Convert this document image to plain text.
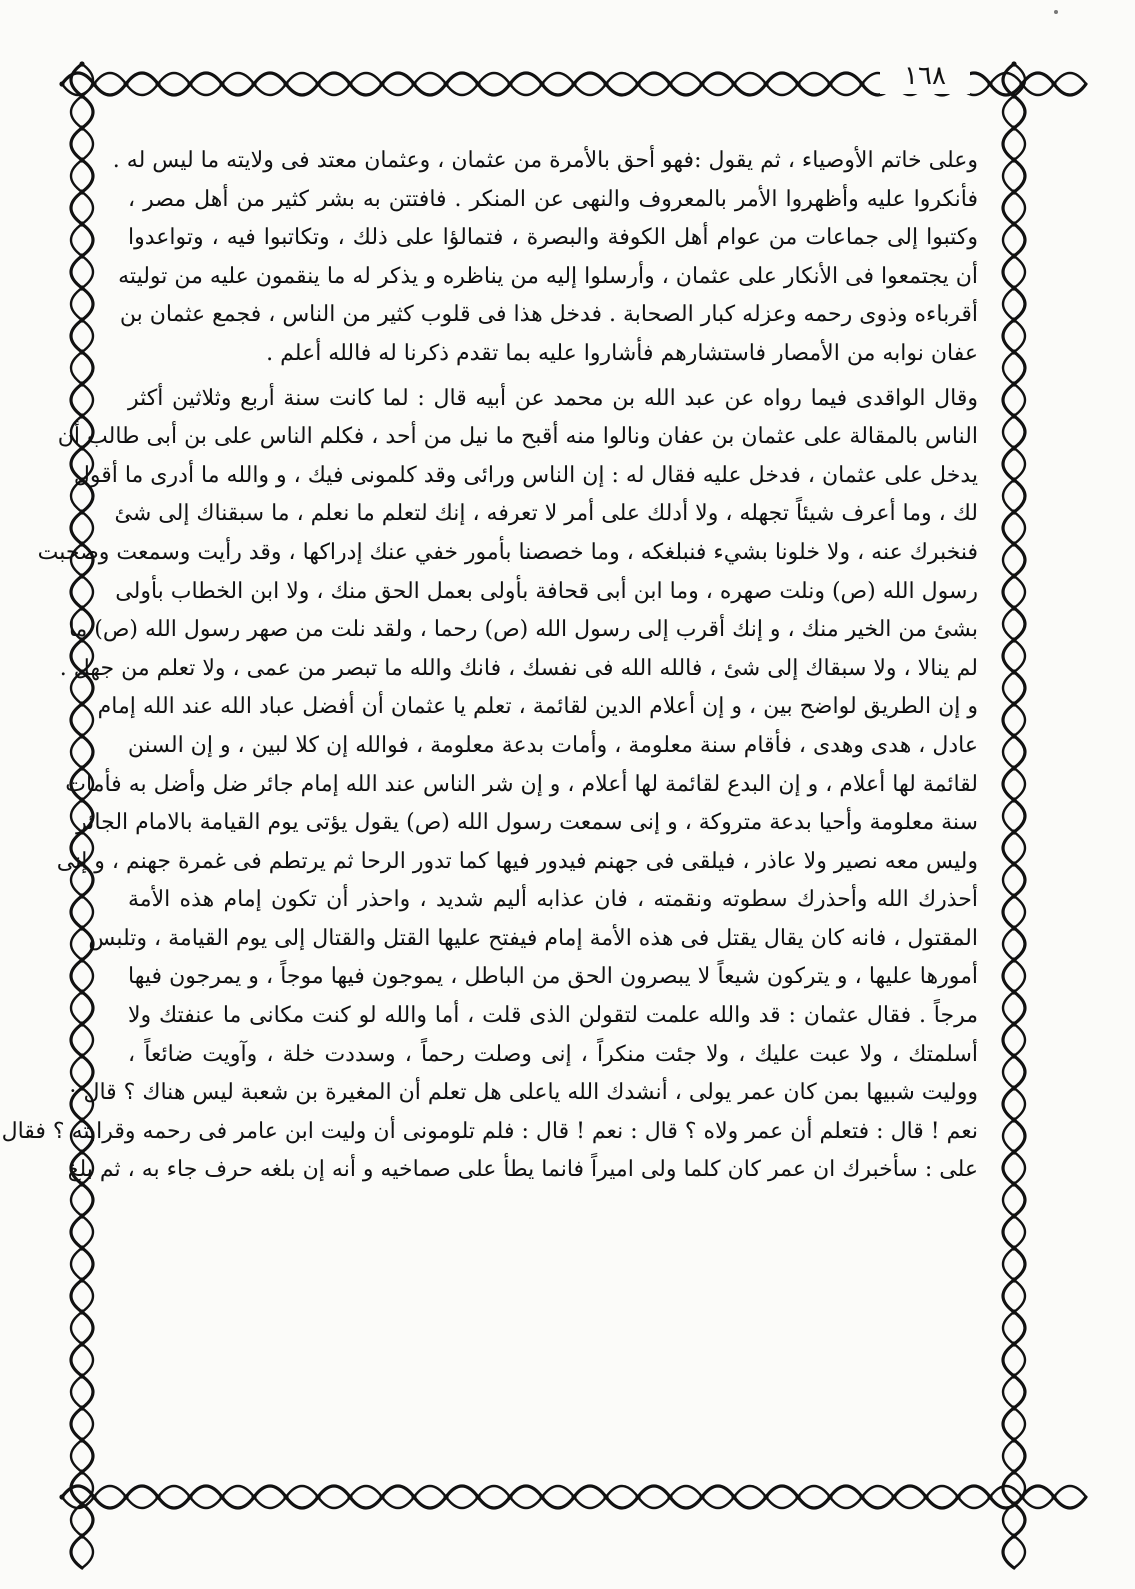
١٦٨
وعلى خاتم الأوصياء ، ثم يقول :فهو أحق بالأمرة من عثمان ، وعثمان معتد فى ولايته ما ليس له .
فأنكروا عليه وأظهروا الأمر بالمعروف والنهى عن المنكر . فافتتن به بشر كثير من أهل مصر ،
وكتبوا إلى جماعات من عوام أهل الكوفة والبصرة ، فتمالؤا على ذلك ، وتكاتبوا فيه ، وتواعدوا
أن يجتمعوا فى الأنكار على عثمان ، وأرسلوا إليه من يناظره و يذكر له ما ينقمون عليه من توليته
أقرباءه وذوى رحمه وعزله كبار الصحابة . فدخل هذا فى قلوب كثير من الناس ، فجمع عثمان بن
عفان نوابه من الأمصار فاستشارهم فأشاروا عليه بما تقدم ذكرنا له فالله أعلم .
وقال الواقدى فيما رواه عن عبد الله بن محمد عن أبيه قال : لما كانت سنة أربع وثلاثين أكثر
الناس بالمقالة على عثمان بن عفان ونالوا منه أقبح ما نيل من أحد ، فكلم الناس على بن أبى طالب أن
يدخل على عثمان ، فدخل عليه فقال له : إن الناس ورائى وقد كلمونى فيك ، و والله ما أدرى ما أقول
لك ، وما أعرف شيئاً تجهله ، ولا أدلك على أمر لا تعرفه ، إنك لتعلم ما نعلم ، ما سبقناك إلى شئ
فنخبرك عنه ، ولا خلونا بشيء فنبلغكه ، وما خصصنا بأمور خفي عنك إدراكها ، وقد رأيت وسمعت وصحبت
رسول الله (ص) ونلت صهره ، وما ابن أبى قحافة بأولى بعمل الحق منك ، ولا ابن الخطاب بأولى
بشئ من الخير منك ، و إنك أقرب إلى رسول الله (ص) رحما ، ولقد نلت من صهر رسول الله (ص) ما
لم ينالا ، ولا سبقاك إلى شئ ، فالله الله فى نفسك ، فانك والله ما تبصر من عمى ، ولا تعلم من جهل .
و إن الطريق لواضح بين ، و إن أعلام الدين لقائمة ، تعلم يا عثمان أن أفضل عباد الله عند الله إمام
عادل ، هدى وهدى ، فأقام سنة معلومة ، وأمات بدعة معلومة ، فوالله إن كلا لبين ، و إن السنن
لقائمة لها أعلام ، و إن البدع لقائمة لها أعلام ، و إن شر الناس عند الله إمام جائر ضل وأضل به فأمات
سنة معلومة وأحيا بدعة متروكة ، و إنى سمعت رسول الله (ص) يقول يؤتى يوم القيامة بالامام الجائر
وليس معه نصير ولا عاذر ، فيلقى فى جهنم فيدور فيها كما تدور الرحا ثم يرتطم فى غمرة جهنم ، و إنى
أحذرك الله وأحذرك سطوته ونقمته ، فان عذابه أليم شديد ، واحذر أن تكون إمام هذه الأمة
المقتول ، فانه كان يقال يقتل فى هذه الأمة إمام فيفتح عليها القتل والقتال إلى يوم القيامة ، وتلبس
أمورها عليها ، و يتركون شيعاً لا يبصرون الحق من الباطل ، يموجون فيها موجاً ، و يمرجون فيها
مرجاً . فقال عثمان : قد والله علمت لتقولن الذى قلت ، أما والله لو كنت مكانى ما عنفتك ولا
أسلمتك ، ولا عبت عليك ، ولا جئت منكراً ، إنى وصلت رحماً ، وسددت خلة ، وآويت ضائعاً ،
ووليت شبيها بمن كان عمر يولى ، أنشدك الله ياعلى هل تعلم أن المغيرة بن شعبة ليس هناك ؟ قال :
نعم ! قال : فتعلم أن عمر ولاه ؟ قال : نعم ! قال : فلم تلومونى أن وليت ابن عامر فى رحمه وقرابته ؟ فقال
على : سأخبرك ان عمر كان كلما ولى اميراً فانما يطأ على صماخيه و أنه إن بلغه حرف جاء به ، ثم بلغ
